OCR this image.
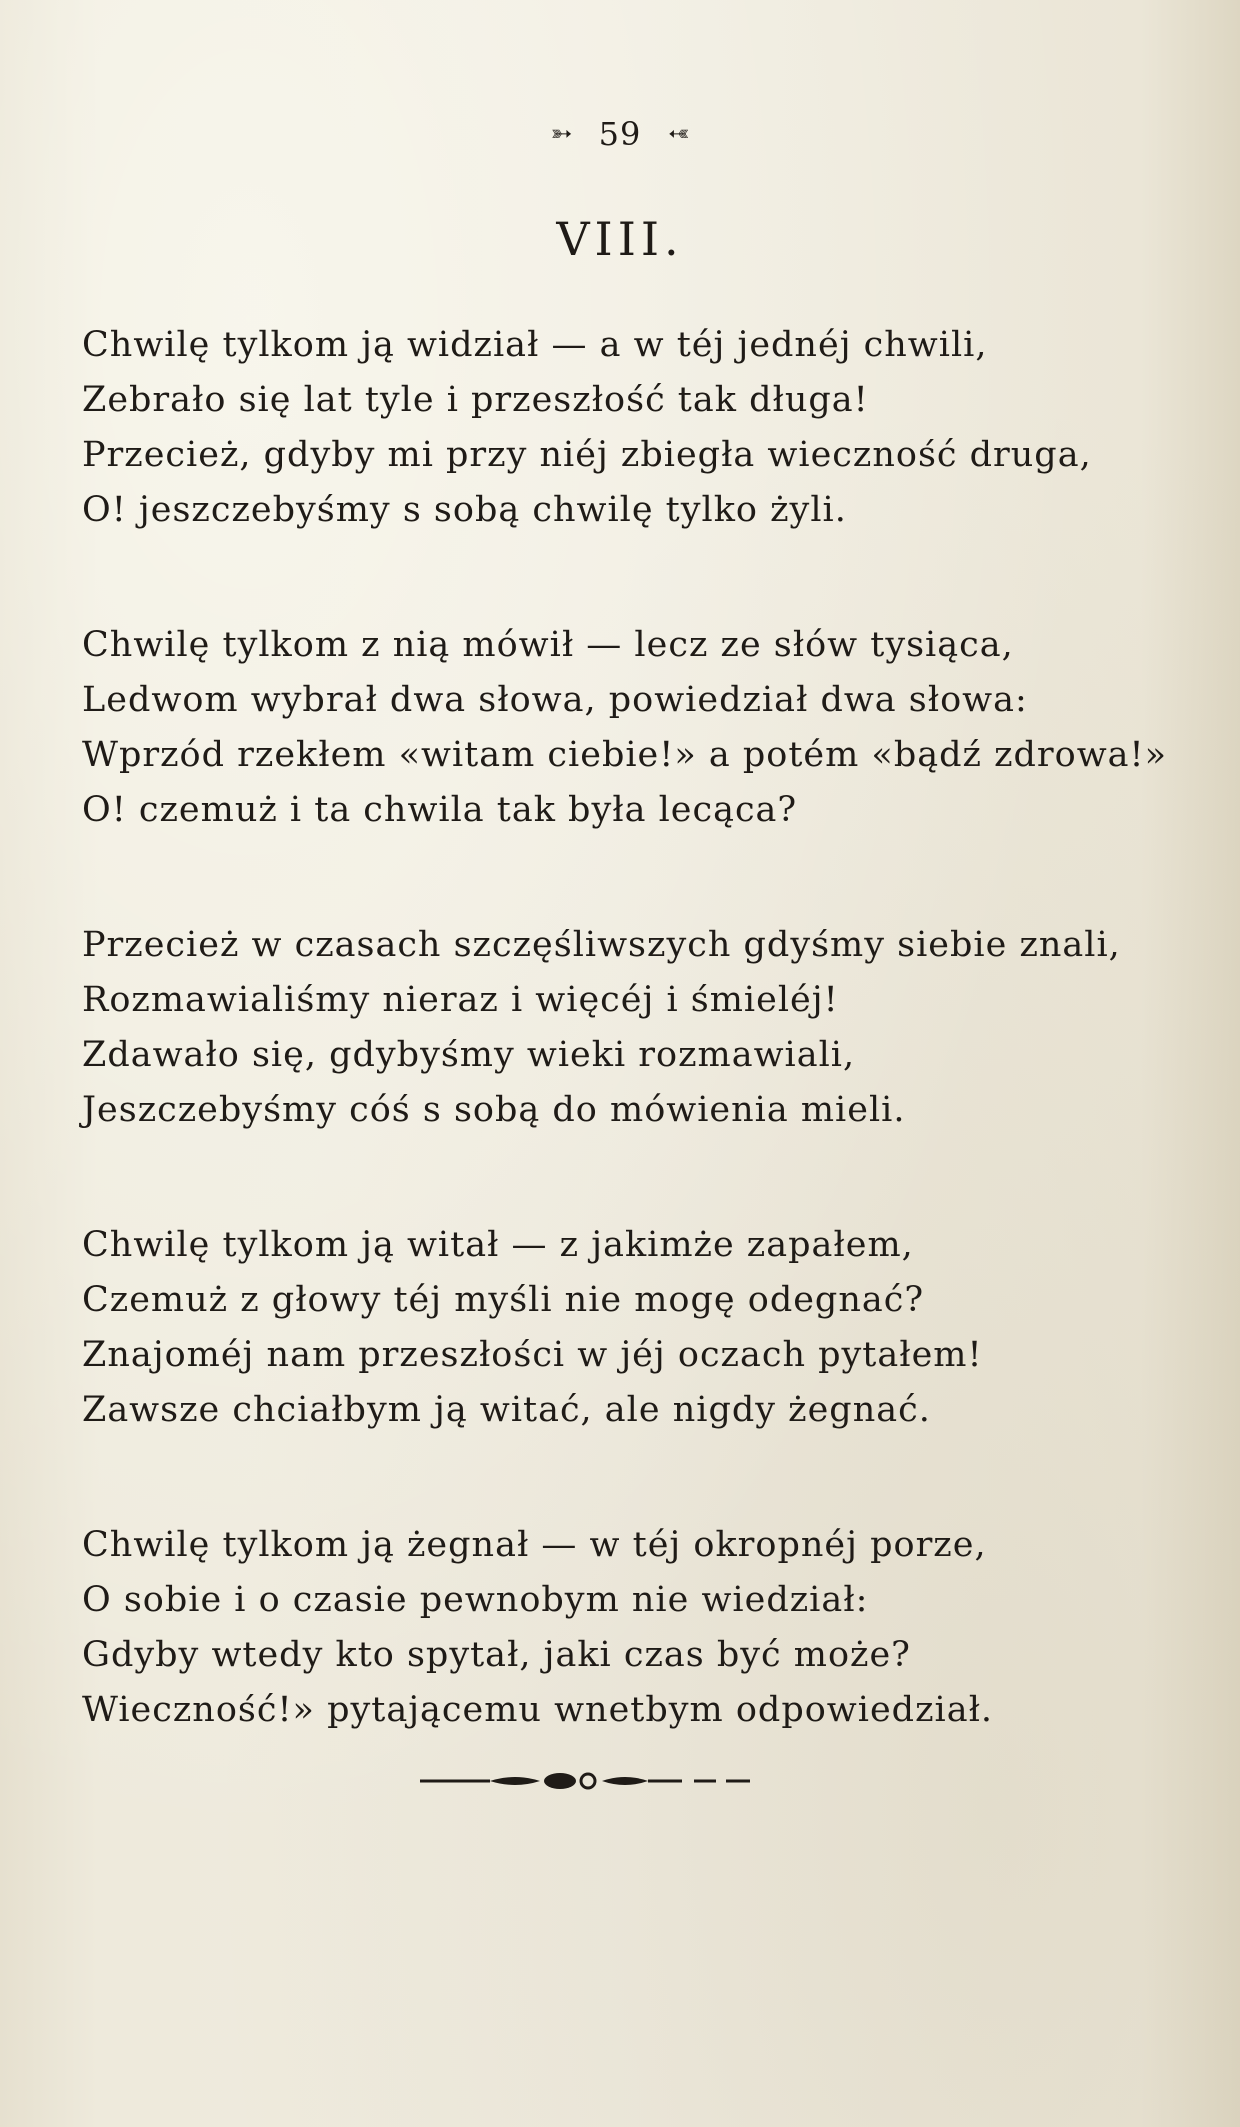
➳ 59 ➳
VIII.
Chwilę tylkom ją widział — a w téj jednéj chwili,
Zebrało się lat tyle i przeszłość tak długa!
Przecież, gdyby mi przy niéj zbiegła wieczność druga,
O! jeszczebyśmy s sobą chwilę tylko żyli.
Chwilę tylkom z nią mówił — lecz ze słów tysiąca,
Ledwom wybrał dwa słowa, powiedział dwa słowa:
Wprzód rzekłem «witam ciebie!» a potém «bądź zdrowa!»
O! czemuż i ta chwila tak była lecąca?
Przecież w czasach szczęśliwszych gdyśmy siebie znali,
Rozmawialiśmy nieraz i więcéj i śmieléj!
Zdawało się, gdybyśmy wieki rozmawiali,
Jeszczebyśmy cóś s sobą do mówienia mieli.
Chwilę tylkom ją witał — z jakimże zapałem,
Czemuż z głowy téj myśli nie mogę odegnać?
Znajoméj nam przeszłości w jéj oczach pytałem!
Zawsze chciałbym ją witać, ale nigdy żegnać.
Chwilę tylkom ją żegnał — w téj okropnéj porze,
O sobie i o czasie pewnobym nie wiedział:
Gdyby wtedy kto spytał, jaki czas być może?
Wieczność!» pytającemu wnetbym odpowiedział.
